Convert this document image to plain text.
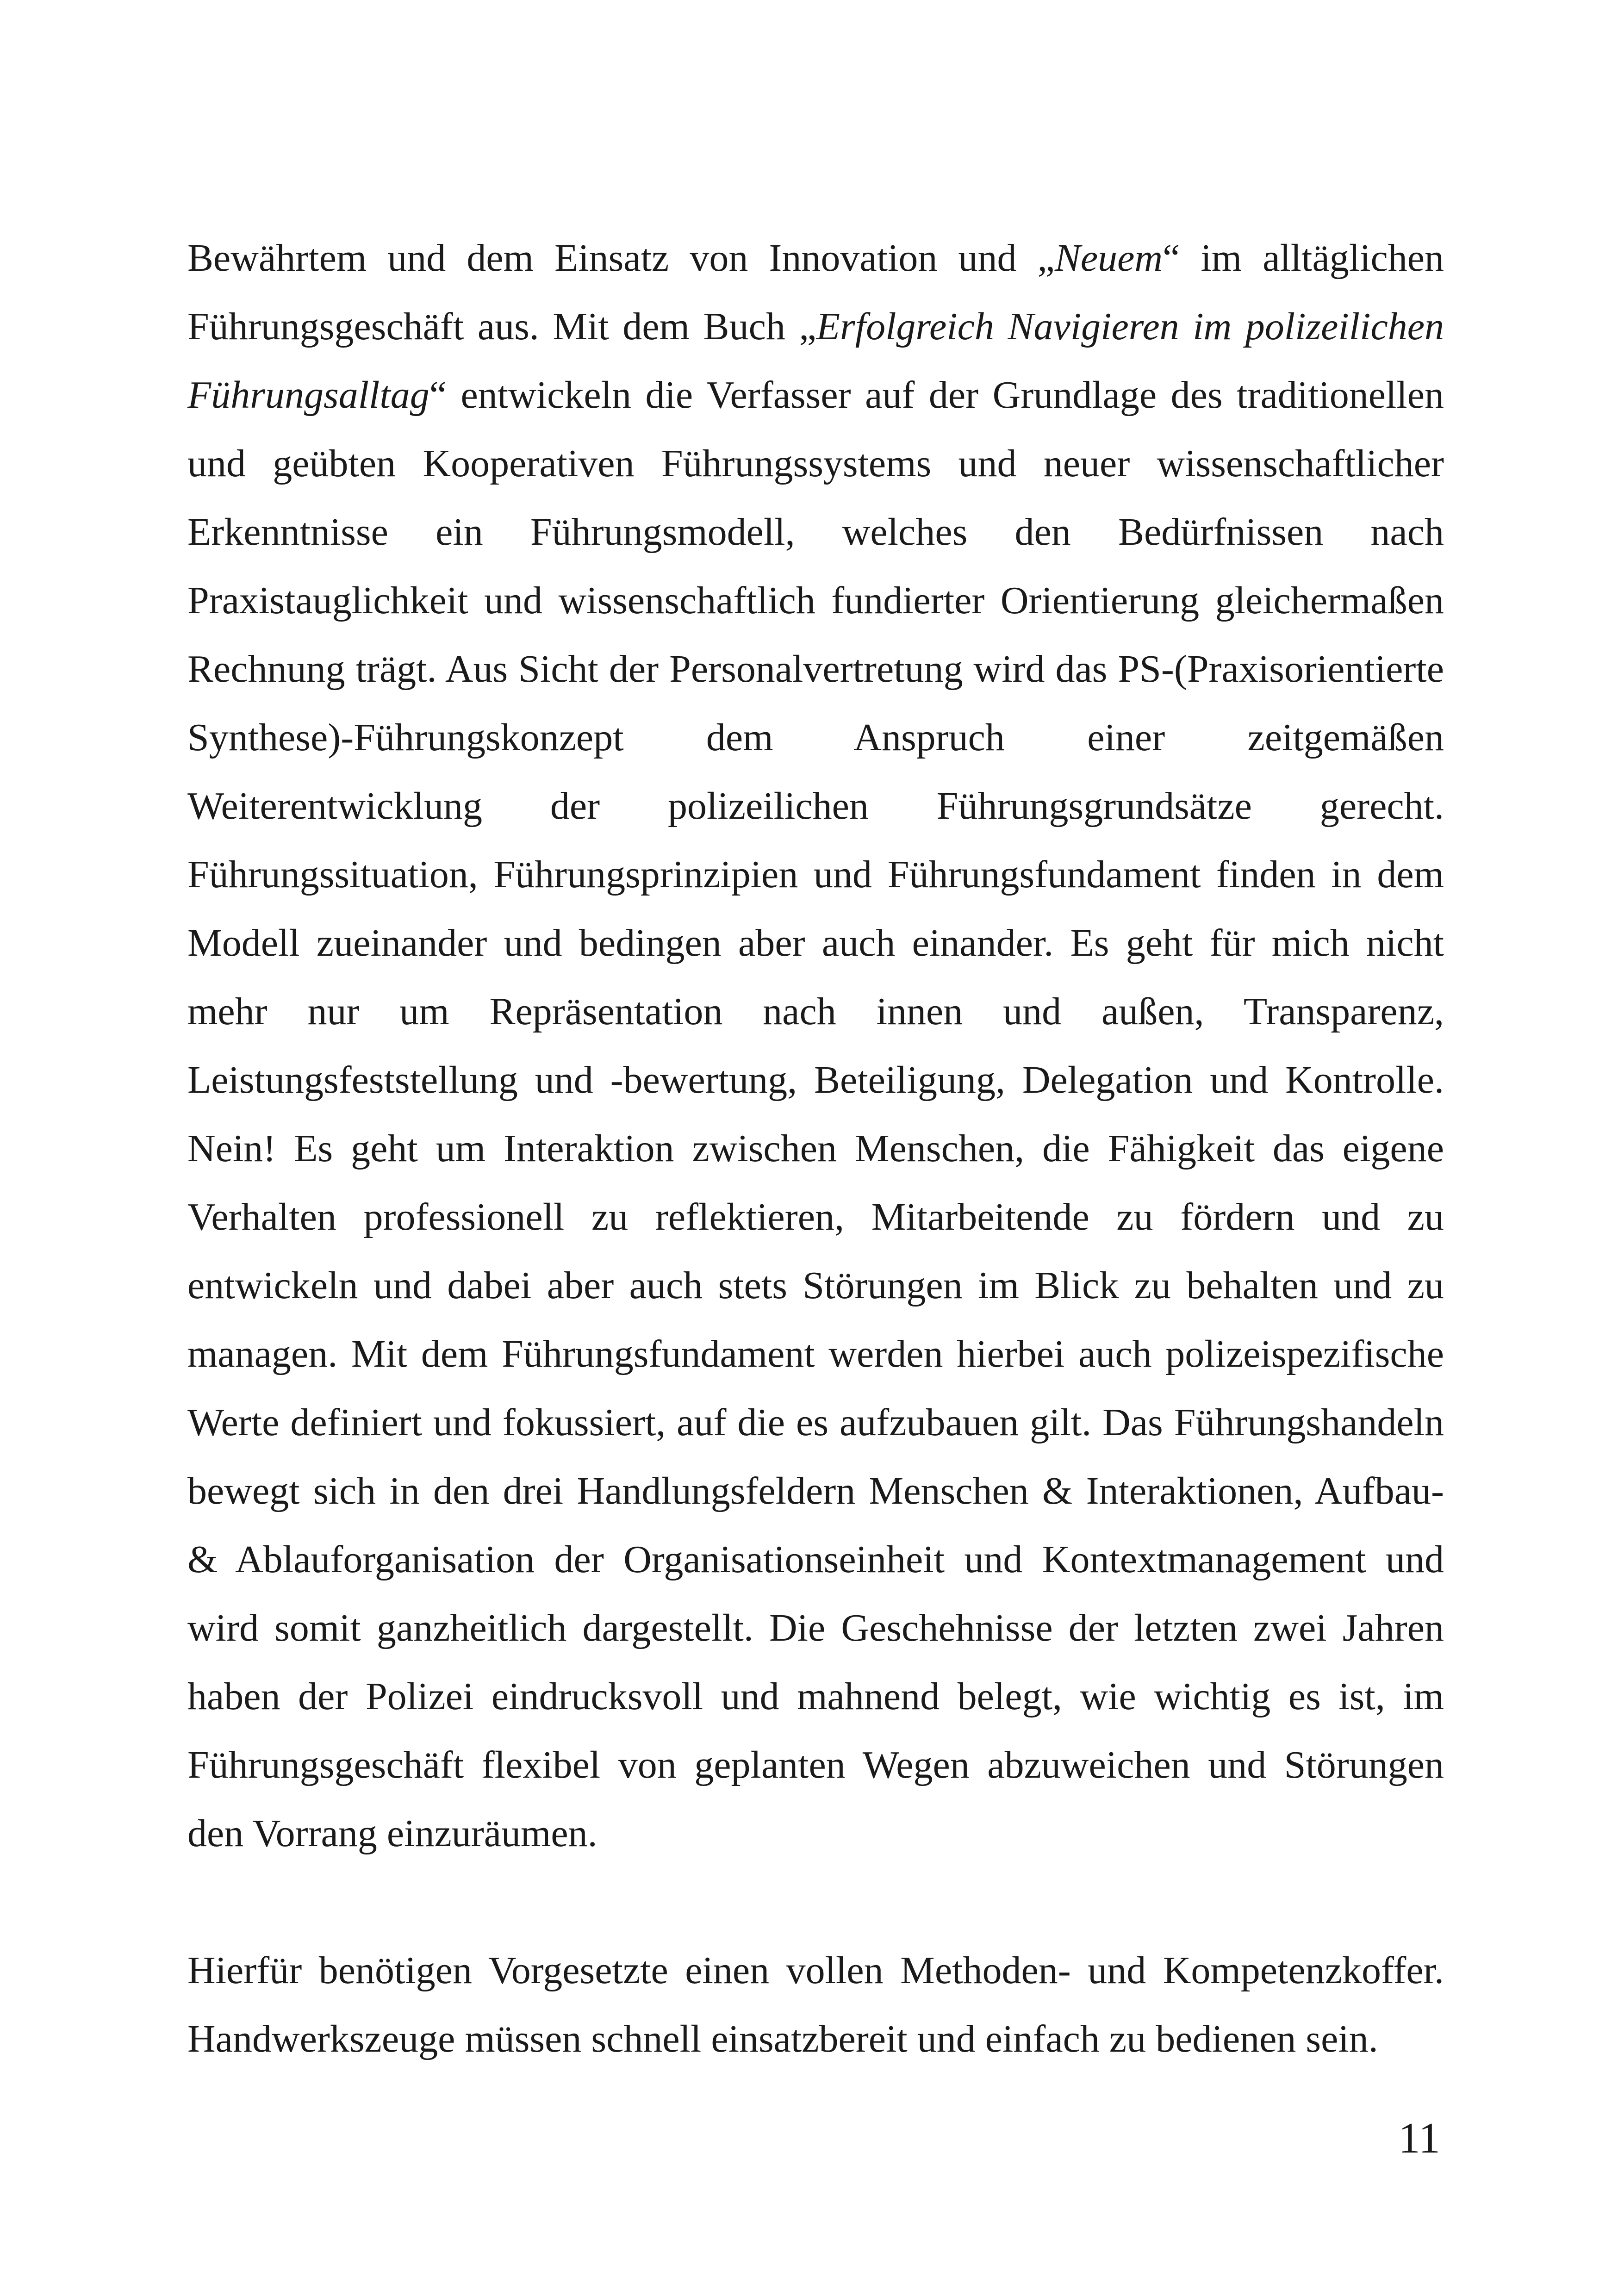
Bewährtem und dem Einsatz von Innovation und „Neuem“ im alltäglichen Führungsgeschäft aus. Mit dem Buch „Erfolgreich Navigieren im polizeilichen Führungsalltag“ entwickeln die Verfasser auf der Grundlage des traditionellen und geübten Kooperativen Führungssystems und neuer wissenschaftlicher Erkenntnisse ein Führungsmodell, welches den Bedürfnissen nach Praxistauglichkeit und wissenschaftlich fundierter Orientierung gleichermaßen Rechnung trägt. Aus Sicht der Personalvertretung wird das PS-(Praxisorientierte Synthese)-Führungskonzept dem Anspruch einer zeitgemäßen Weiterentwicklung der polizeilichen Führungsgrundsätze gerecht. Führungssituation, Führungsprinzipien und Führungsfundament finden in dem Modell zueinander und bedingen aber auch einander. Es geht für mich nicht mehr nur um Repräsentation nach innen und außen, Transparenz, Leistungsfeststellung und -bewertung, Beteiligung, Delegation und Kontrolle. Nein! Es geht um Interaktion zwischen Menschen, die Fähigkeit das eigene Verhalten professionell zu reflektieren, Mitarbeitende zu fördern und zu entwickeln und dabei aber auch stets Störungen im Blick zu behalten und zu managen. Mit dem Führungsfundament werden hierbei auch polizeispezifische Werte definiert und fokussiert, auf die es aufzubauen gilt. Das Führungshandeln bewegt sich in den drei Handlungsfeldern Menschen & Interaktionen, Aufbau- & Ablauforganisation der Organisationseinheit und Kontextmanagement und wird somit ganzheitlich dargestellt. Die Geschehnisse der letzten zwei Jahren haben der Polizei eindrucksvoll und mahnend belegt, wie wichtig es ist, im Führungsgeschäft flexibel von geplanten Wegen abzuweichen und Störungen den Vorrang einzuräumen.

Hierfür benötigen Vorgesetzte einen vollen Methoden- und Kompetenzkoffer. Handwerkszeuge müssen schnell einsatzbereit und einfach zu bedienen sein.

11
